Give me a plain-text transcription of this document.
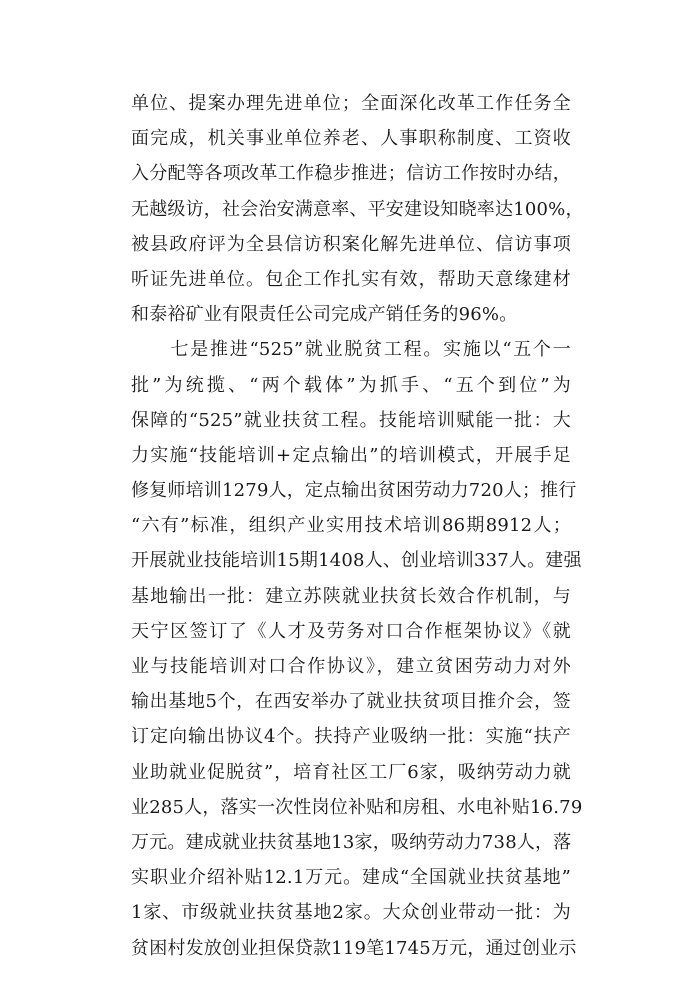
单位、提案办理先进单位；全面深化改革工作任务全
面完成，机关事业单位养老、人事职称制度、工资收
入分配等各项改革工作稳步推进；信访工作按时办结，
无越级访，社会治安满意率、平安建设知晓率达100%，
被县政府评为全县信访积案化解先进单位、信访事项
听证先进单位。包企工作扎实有效，帮助天意缘建材
和泰裕矿业有限责任公司完成产销任务的96%。
　　七是推进“525”就业脱贫工程。实施以“五个一
批”为统揽、“两个载体”为抓手、“五个到位”为
保障的“525”就业扶贫工程。技能培训赋能一批：大
力实施“技能培训+定点输出”的培训模式，开展手足
修复师培训1279人，定点输出贫困劳动力720人；推行
“六有”标准，组织产业实用技术培训86期8912人；
开展就业技能培训15期1408人、创业培训337人。建强
基地输出一批：建立苏陕就业扶贫长效合作机制，与
天宁区签订了《人才及劳务对口合作框架协议》《就
业与技能培训对口合作协议》，建立贫困劳动力对外
输出基地5个，在西安举办了就业扶贫项目推介会，签
订定向输出协议4个。扶持产业吸纳一批：实施“扶产
业助就业促脱贫”，培育社区工厂6家，吸纳劳动力就
业285人，落实一次性岗位补贴和房租、水电补贴16.79
万元。建成就业扶贫基地13家，吸纳劳动力738人，落
实职业介绍补贴12.1万元。建成“全国就业扶贫基地”
1家、市级就业扶贫基地2家。大众创业带动一批：为
贫困村发放创业担保贷款119笔1745万元，通过创业示
